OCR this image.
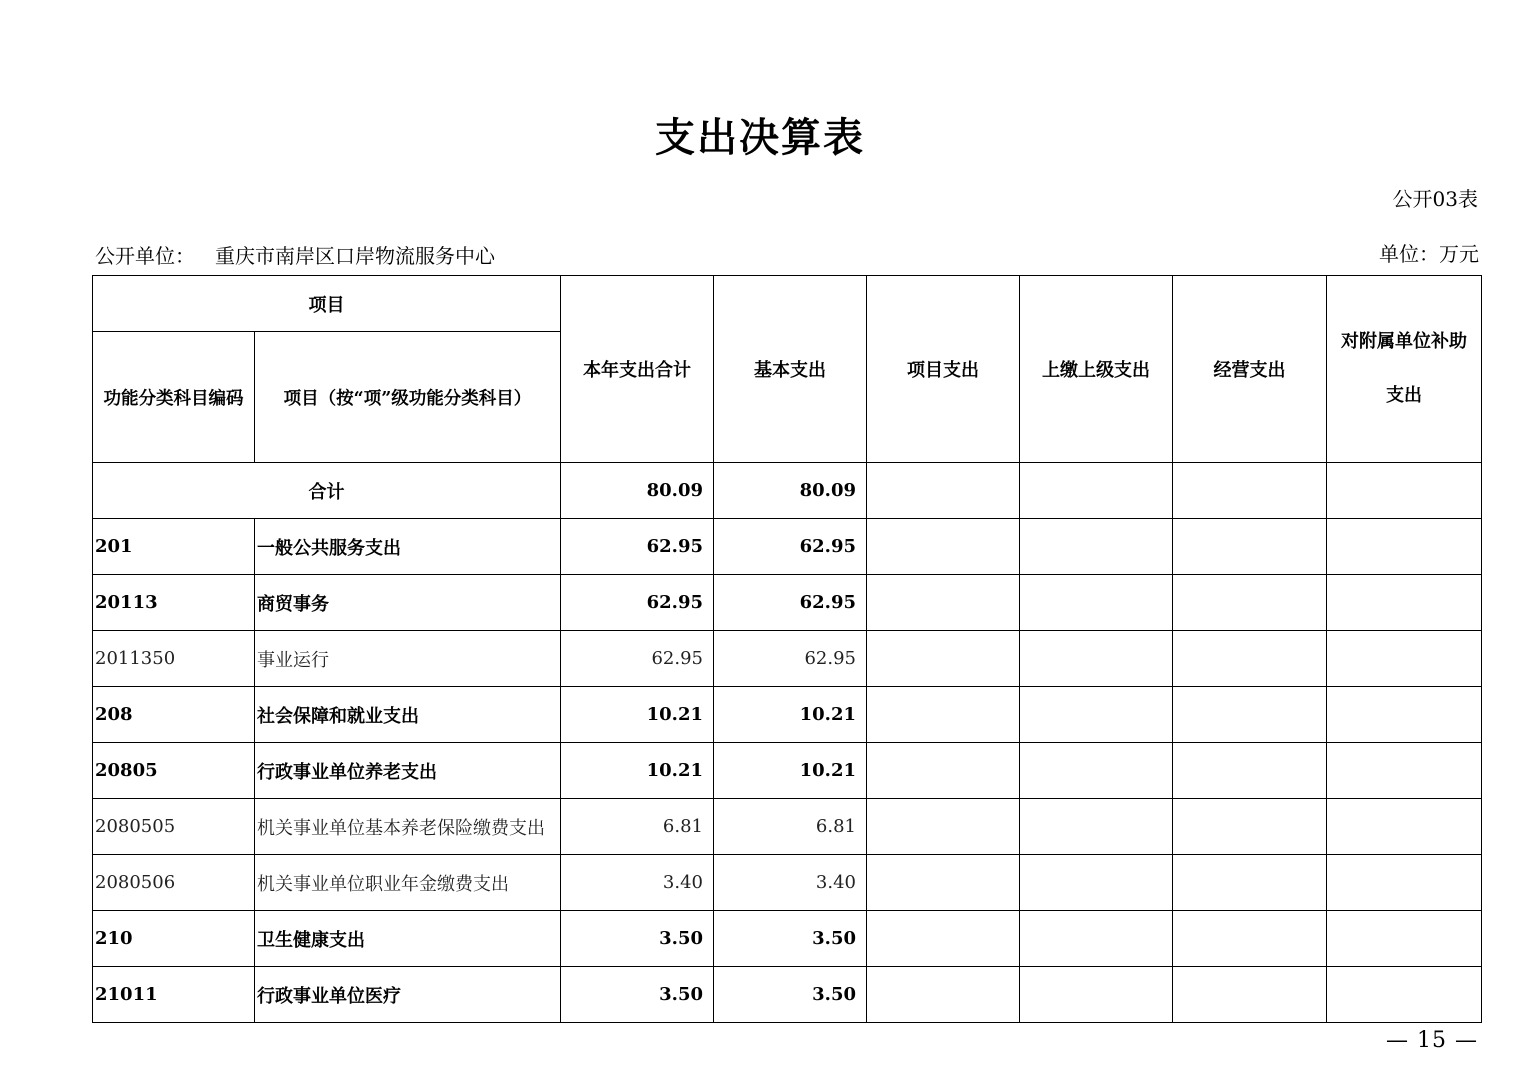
支出决算表
公开03表
公开单位： 重庆市南岸区口岸物流服务中心	单位：万元
项目		本年支出合计	基本支出	项目支出	上缴上级支出	经营支出	对附属单位补助支出

功能分类科目编码	项目（按“项”级功能分类科目）						
合计		80.09	80.09				
201	一般公共服务支出	62.95	62.95				
20113	商贸事务	62.95	62.95				
2011350	事业运行	62.95	62.95				
208	社会保障和就业支出	10.21	10.21				
20805	行政事业单位养老支出	10.21	10.21				
2080505	机关事业单位基本养老保险缴费支出	6.81	6.81				
2080506	机关事业单位职业年金缴费支出	3.40	3.40				
210	卫生健康支出	3.50	3.50				
21011	行政事业单位医疗	3.50	3.50				
— 15 —
